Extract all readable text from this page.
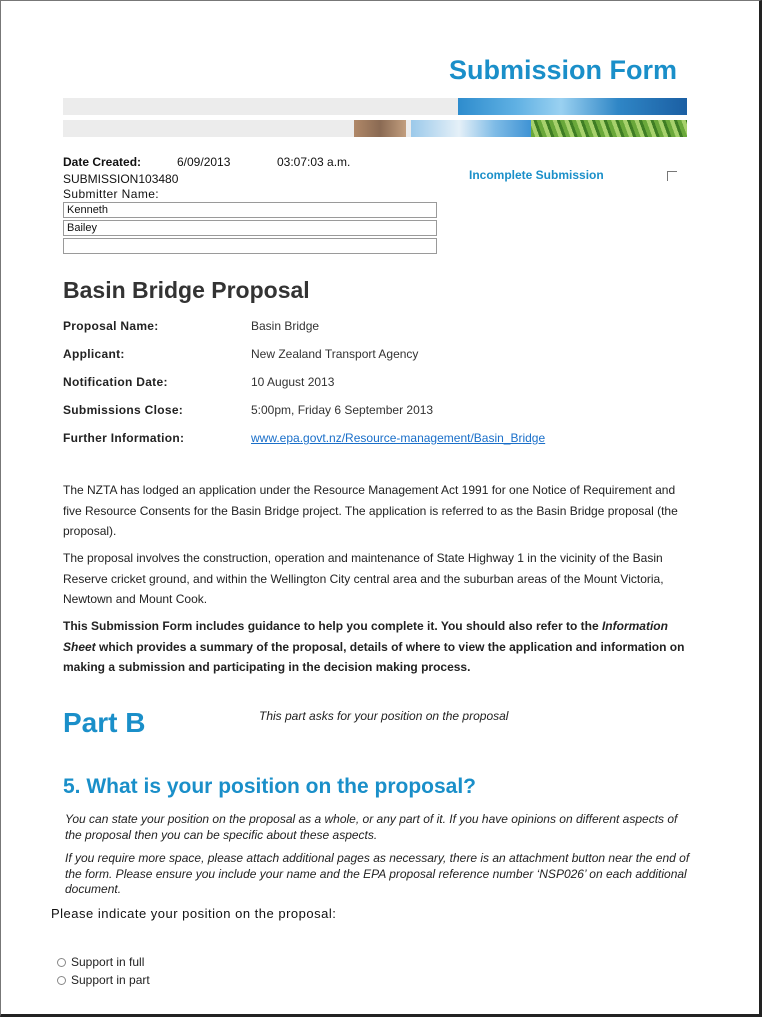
Submission Form
Date Created:	6/09/2013	03:07:03 a.m.
SUBMISSION103480
Submitter Name:
Incomplete Submission
Kenneth
Bailey
Basin Bridge Proposal
Proposal Name:	Basin Bridge
Applicant:	New Zealand Transport Agency
Notification Date:	10 August 2013
Submissions Close:	5:00pm, Friday 6 September 2013
Further Information:	www.epa.govt.nz/Resource-management/Basin_Bridge
The NZTA has lodged an application under the Resource Management Act 1991 for one Notice of Requirement and five Resource Consents for the Basin Bridge project. The application is referred to as the Basin Bridge proposal (the proposal).
The proposal involves the construction, operation and maintenance of State Highway 1 in the vicinity of the Basin Reserve cricket ground, and within the Wellington City central area and the suburban areas of the Mount Victoria, Newtown and Mount Cook.
This Submission Form includes guidance to help you complete it. You should also refer to the Information Sheet which provides a summary of the proposal, details of where to view the application and information on making a submission and participating in the decision making process.
Part B	This part asks for your position on the proposal
5. What is your position on the proposal?
You can state your position on the proposal as a whole, or any part of it. If you have opinions on different aspects of the proposal then you can be specific about these aspects.
If you require more space, please attach additional pages as necessary, there is an attachment button near the end of the form. Please ensure you include your name and the EPA proposal reference number ‘NSP026’ on each additional document.
Please indicate your position on the proposal:
Support in full
Support in part
